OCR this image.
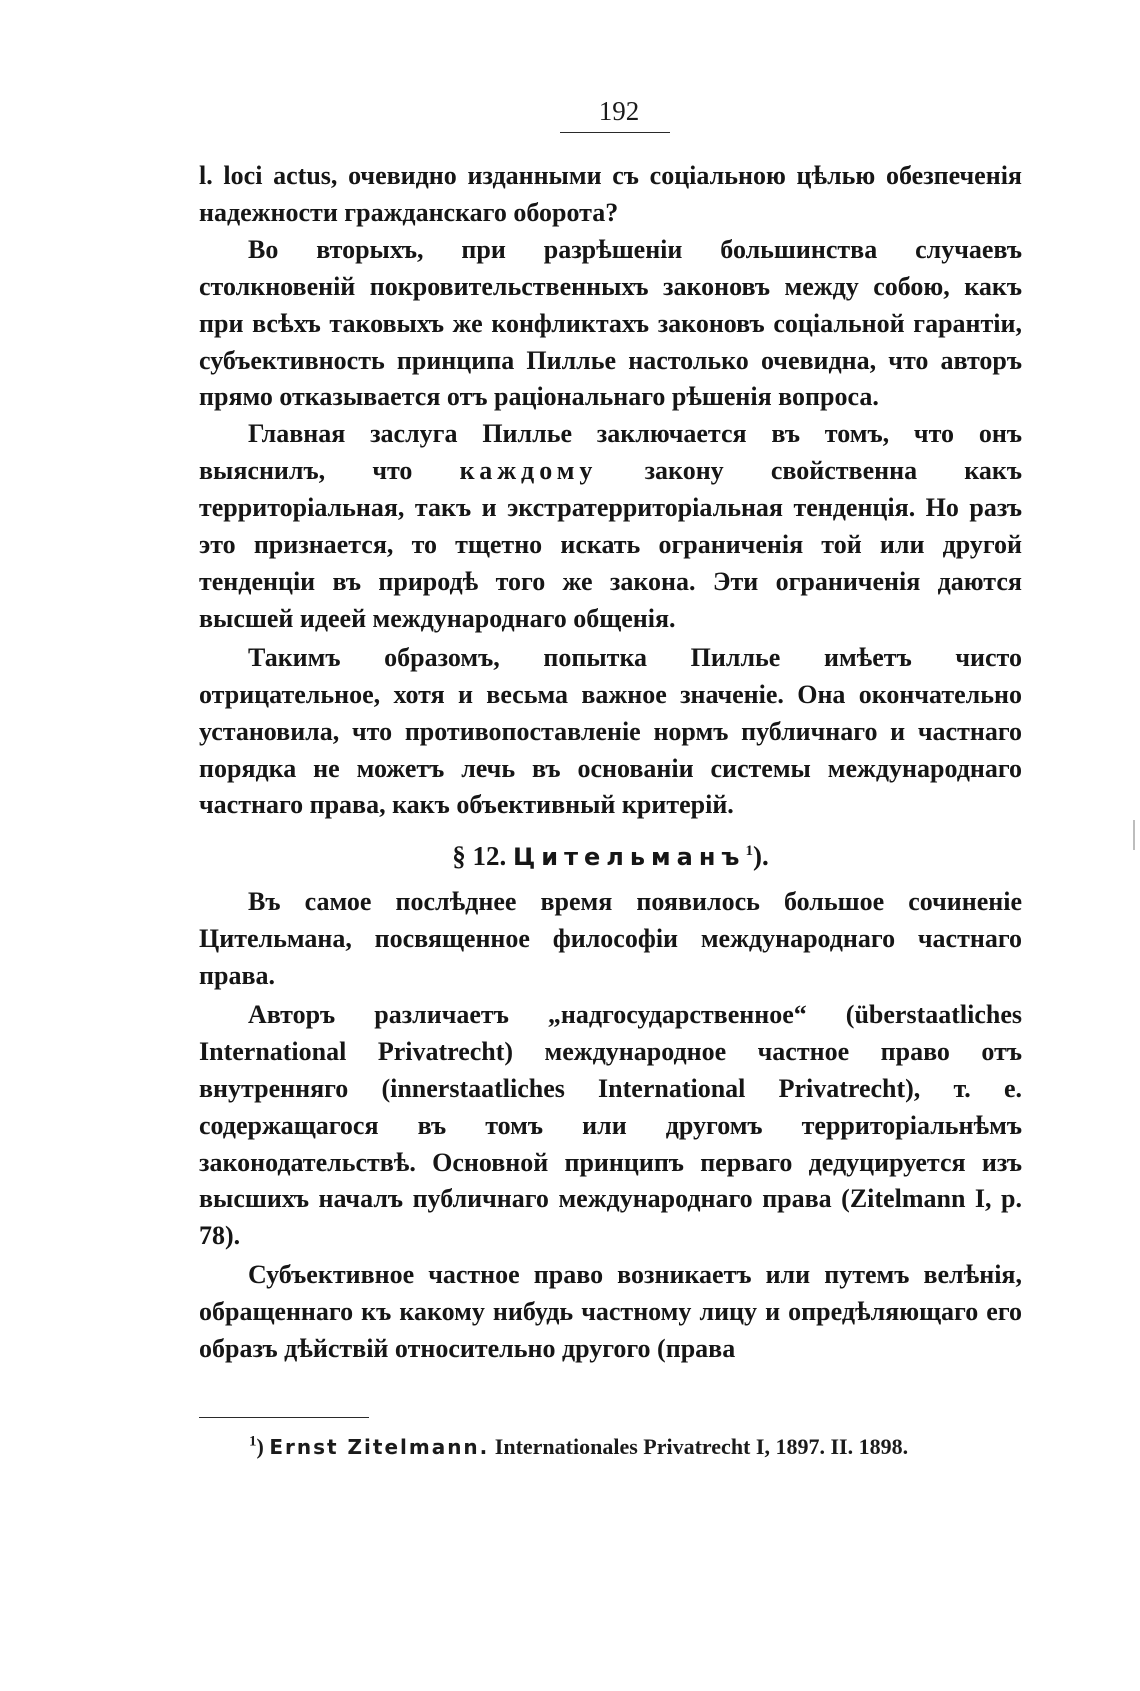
192

l. loci actus, очевидно изданными съ соціальною цѣлью обезпеченія надежности гражданскаго оборота?

Во вторыхъ, при разрѣшеніи большинства случаевъ столкновеній покровительственныхъ законовъ между собою, какъ при всѣхъ таковыхъ же конфликтахъ законовъ соціальной гарантіи, субъективность принципа Пилльe настолько очевидна, что авторъ прямо отказывается отъ раціональнаго рѣшенія вопроса.

Главная заслуга Пилльe заключается въ томъ, что онъ выяснилъ, что каждому закону свойственна какъ территоріальная, такъ и экстратерриторіальная тенденція. Но разъ это признается, то тщетно искать ограниченія той или другой тенденціи въ природѣ того же закона. Эти ограниченія даются высшей идеей международнаго общенія.

Такимъ образомъ, попытка Пилльe имѣетъ чисто отрицательное, хотя и весьма важное значеніе. Она окончательно установила, что противопоставленіе нормъ публичнаго и частнаго порядка не можетъ лечь въ основаніи системы международнаго частнаго права, какъ объективный критерій.

§ 12. Цительманъ$^1$).

Въ самое послѣднее время появилось большое сочиненіе Цительмана, посвященное философіи международнаго частнаго права.

Авторъ различаетъ „надгосударственное“ (überstaatliches International Privatrecht) международное частное право отъ внутренняго (innerstaatliches International Privatrecht), т. е. содержащагося въ томъ или другомъ территоріальнѣмъ законодательствѣ. Основной принципъ перваго дедуцируется изъ высшихъ началъ публичнаго международнаго права (Zitelmann I, p. 78).

Субъективное частное право возникаетъ или путемъ велѣнія, обращеннаго къ какому нибудь частному лицу и опредѣляющаго его образъ дѣйствій относительно другого (права

$^1$) Ernst Zitelmann. Internationales Privatrecht I, 1897. II. 1898.
